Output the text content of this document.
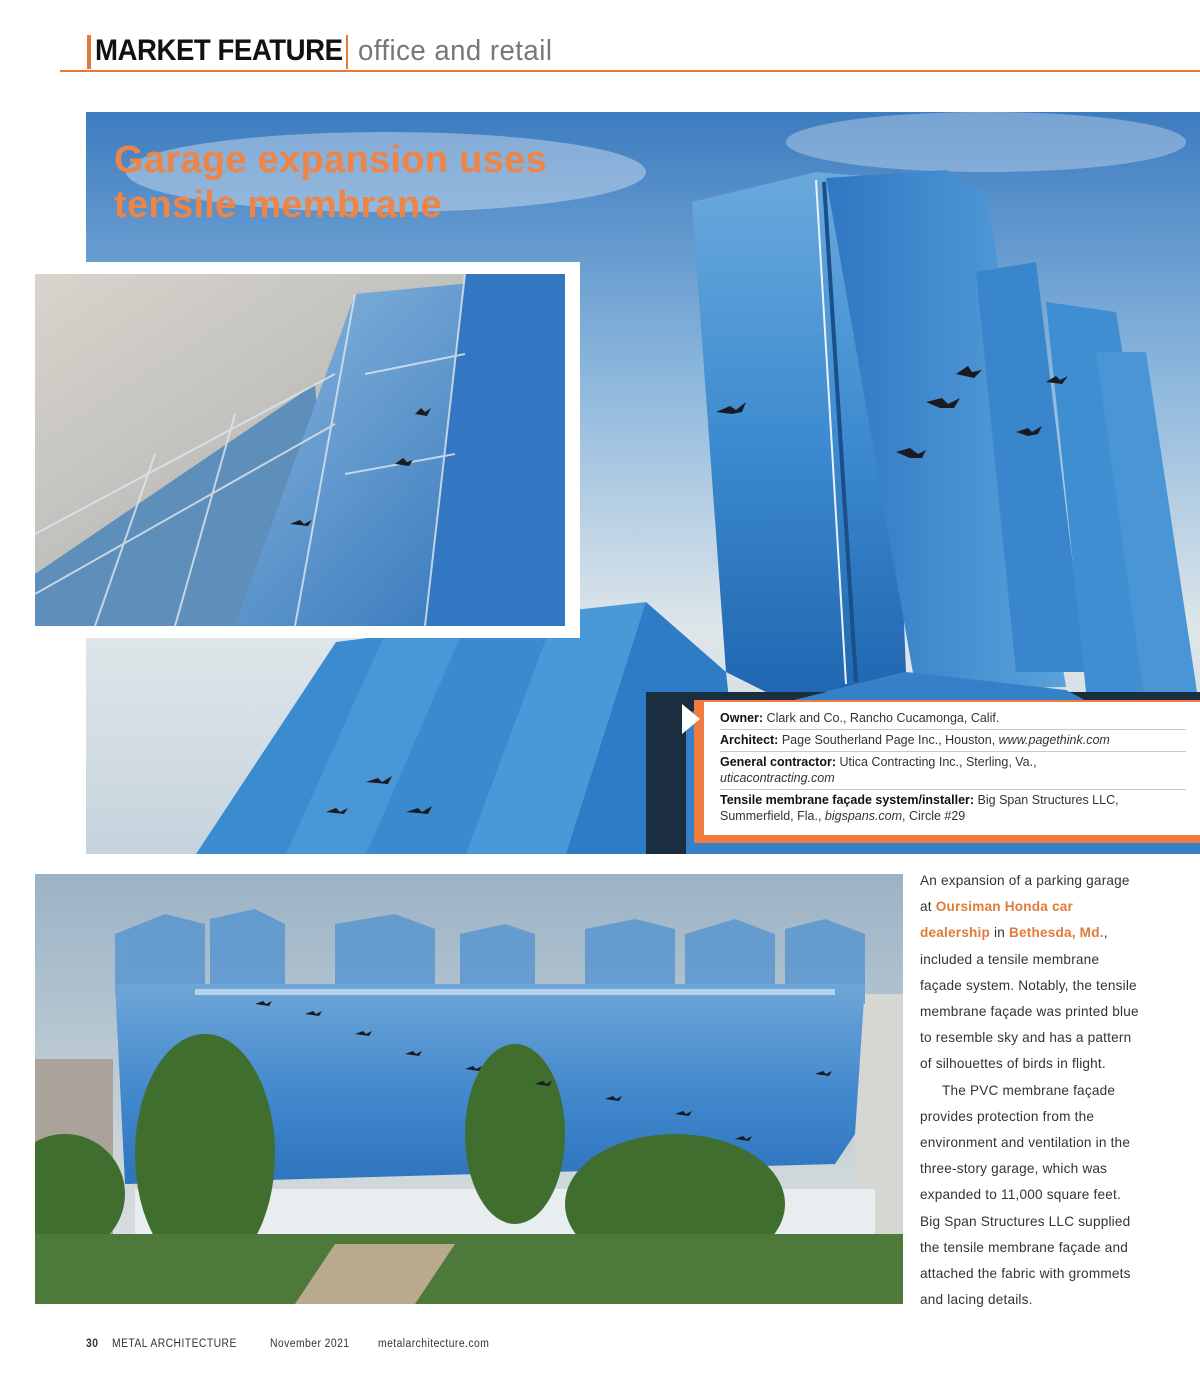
MARKET FEATURE office and retail
Garage expansion uses tensile membrane
Owner: Clark and Co., Rancho Cucamonga, Calif.
Architect: Page Southerland Page Inc., Houston, www.pagethink.com
General contractor: Utica Contracting Inc., Sterling, Va.,
uticacontracting.com
Tensile membrane façade system/installer: Big Span Structures LLC, Summerfield, Fla., bigspans.com, Circle #29

An expansion of a parking garage at Oursiman Honda car dealership in Bethesda, Md., included a tensile membrane façade system. Notably, the tensile membrane façade was printed blue to resemble sky and has a pattern of silhouettes of birds in flight.

The PVC membrane façade provides protection from the environment and ventilation in the three-story garage, which was expanded to 11,000 square feet. Big Span Structures LLC supplied the tensile membrane façade and attached the fabric with grommets and lacing details.

30 METAL ARCHITECTURE	November 2021 metalarchitecture.com
